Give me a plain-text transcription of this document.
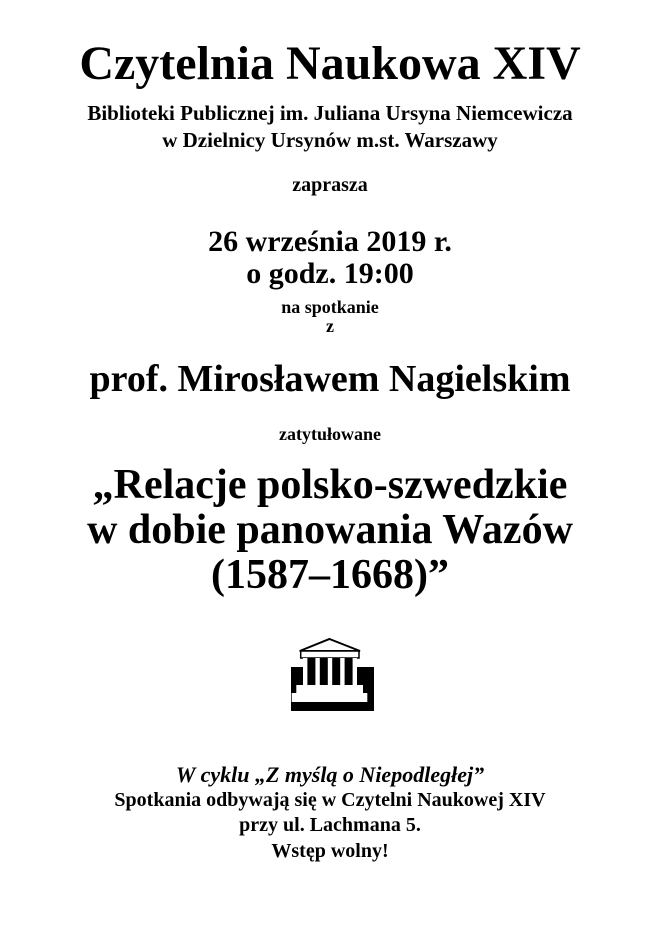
Czytelnia Naukowa XIV
Biblioteki Publicznej im. Juliana Ursyna Niemcewicza
w Dzielnicy Ursynów m.st. Warszawy
zaprasza
26 września 2019 r.
o godz. 19:00
na spotkanie
z
prof. Mirosławem Nagielskim
zatytułowane
„Relacje polsko-szwedzkie
w dobie panowania Wazów
(1587–1668)”
W cyklu „Z myślą o Niepodległej”
Spotkania odbywają się w Czytelni Naukowej XIV
przy ul. Lachmana 5.
Wstęp wolny!
